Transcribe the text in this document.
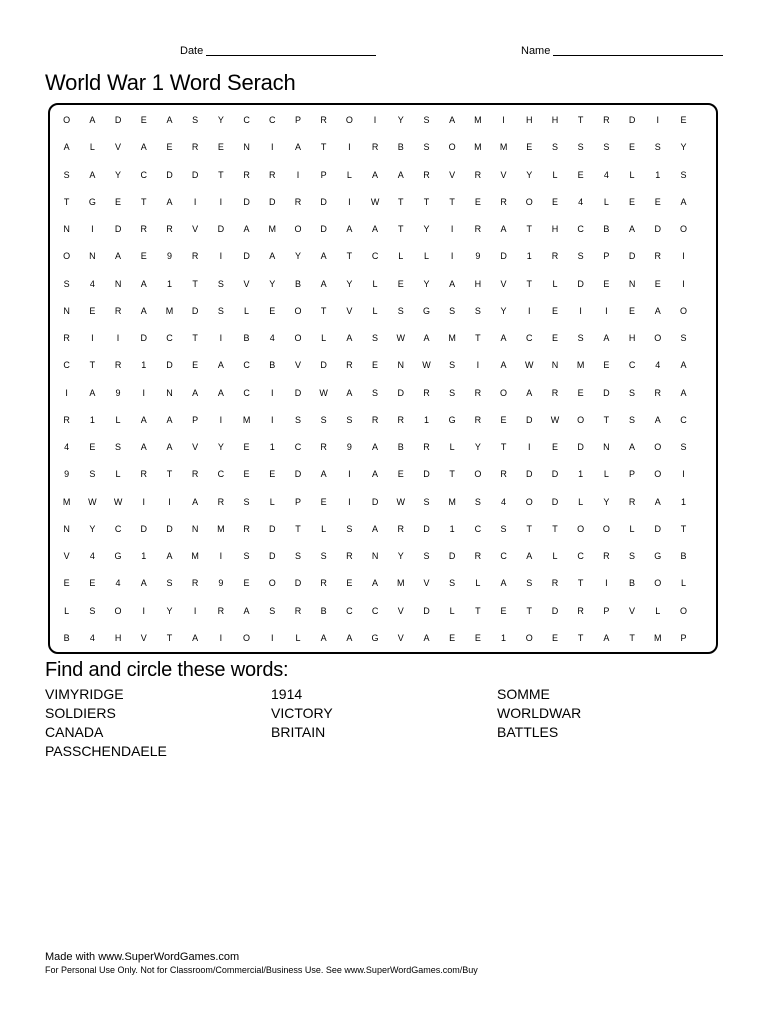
Date	Name
World War 1 Word Serach
O	A	D	E	A	S	Y	C	C	P	R	O	I	Y	S	A	M	I	H	H	T	R	D	I	E
A	L	V	A	E	R	E	N	I	A	T	I	R	B	S	O	M	M	E	S	S	S	E	S	Y
S	A	Y	C	D	D	T	R	R	I	P	L	A	A	R	V	R	V	Y	L	E	4	L	1	S
T	G	E	T	A	I	I	D	D	R	D	I	W	T	T	T	E	R	O	E	4	L	E	E	A
N	I	D	R	R	V	D	A	M	O	D	A	A	T	Y	I	R	A	T	H	C	B	A	D	O
O	N	A	E	9	R	I	D	A	Y	A	T	C	L	L	I	9	D	1	R	S	P	D	R	I
S	4	N	A	1	T	S	V	Y	B	A	Y	L	E	Y	A	H	V	T	L	D	E	N	E	I
N	E	R	A	M	D	S	L	E	O	T	V	L	S	G	S	S	Y	I	E	I	I	E	A	O
R	I	I	D	C	T	I	B	4	O	L	A	S	W	A	M	T	A	C	E	S	A	H	O	S
C	T	R	1	D	E	A	C	B	V	D	R	E	N	W	S	I	A	W	N	M	E	C	4	A
I	A	9	I	N	A	A	C	I	D	W	A	S	D	R	S	R	O	A	R	E	D	S	R	A
R	1	L	A	A	P	I	M	I	S	S	S	R	R	1	G	R	E	D	W	O	T	S	A	C
4	E	S	A	A	V	Y	E	1	C	R	9	A	B	R	L	Y	T	I	E	D	N	A	O	S
9	S	L	R	T	R	C	E	E	D	A	I	A	E	D	T	O	R	D	D	1	L	P	O	I
M	W	W	I	I	A	R	S	L	P	E	I	D	W	S	M	S	4	O	D	L	Y	R	A	1
N	Y	C	D	D	N	M	R	D	T	L	S	A	R	D	1	C	S	T	T	O	O	L	D	T
V	4	G	1	A	M	I	S	D	S	S	R	N	Y	S	D	R	C	A	L	C	R	S	G	B
E	E	4	A	S	R	9	E	O	D	R	E	A	M	V	S	L	A	S	R	T	I	B	O	L
L	S	O	I	Y	I	R	A	S	R	B	C	C	V	D	L	T	E	T	D	R	P	V	L	O
B	4	H	V	T	A	I	O	I	L	A	A	G	V	A	E	E	1	O	E	T	A	T	M	P
Find and circle these words:
VIMYRIDGE	1914	SOMME
SOLDIERS	VICTORY	WORLDWAR
CANADA	BRITAIN	BATTLES
PASSCHENDAELE
Made with www.SuperWordGames.com
For Personal Use Only. Not for Classroom/Commercial/Business Use. See www.SuperWordGames.com/Buy
